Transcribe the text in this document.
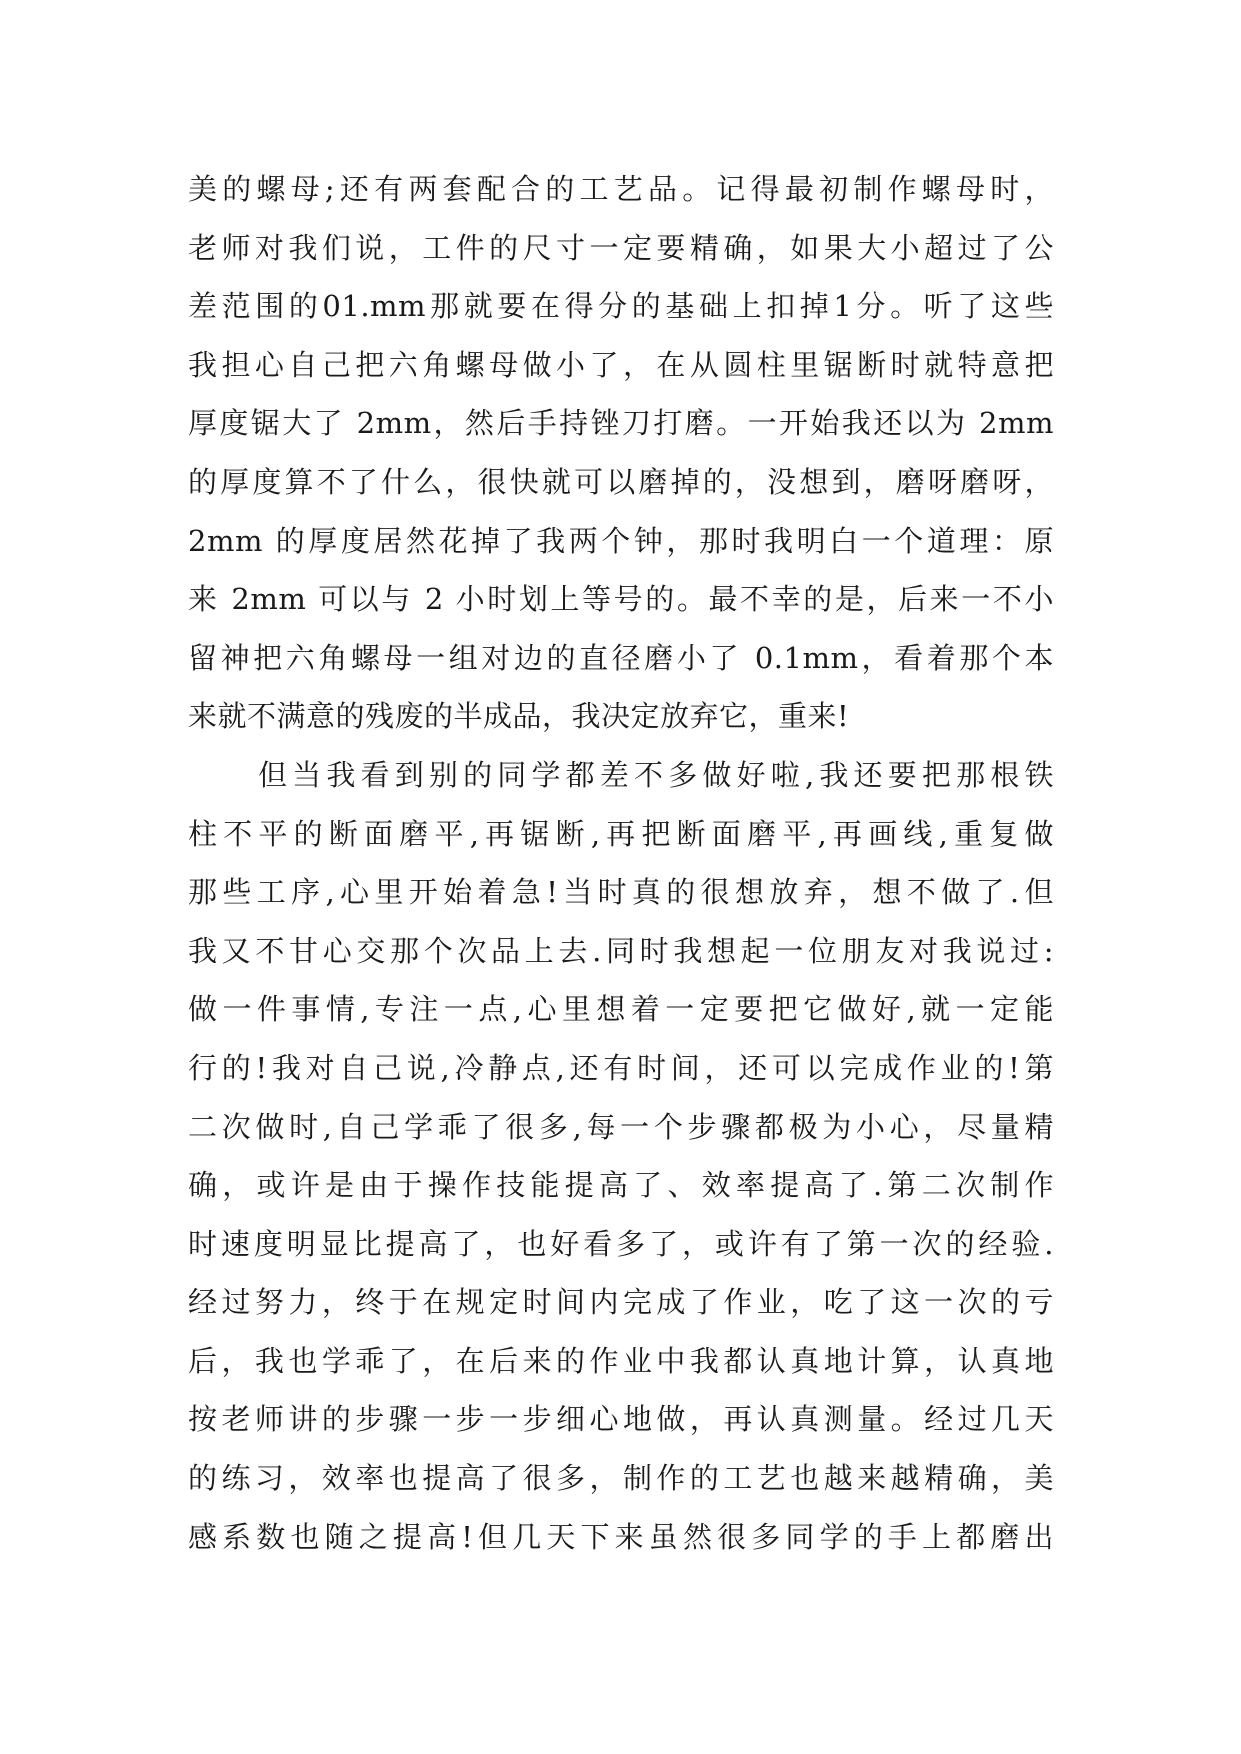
美的螺母;还有两套配合的工艺品。记得最初制作螺母时，
老师对我们说，工件的尺寸一定要精确，如果大小超过了公
差范围的01.mm那就要在得分的基础上扣掉1分。听了这些
我担心自己把六角螺母做小了，在从圆柱里锯断时就特意把
厚度锯大了 2mm，然后手持锉刀打磨。一开始我还以为 2mm
的厚度算不了什么，很快就可以磨掉的，没想到，磨呀磨呀，
2mm 的厚度居然花掉了我两个钟，那时我明白一个道理：原
来 2mm 可以与 2 小时划上等号的。最不幸的是，后来一不小
留神把六角螺母一组对边的直径磨小了 0.1mm，看着那个本
来就不满意的残废的半成品，我决定放弃它，重来!
但当我看到别的同学都差不多做好啦,我还要把那根铁
柱不平的断面磨平,再锯断,再把断面磨平,再画线,重复做
那些工序,心里开始着急!当时真的很想放弃，想不做了.但
我又不甘心交那个次品上去.同时我想起一位朋友对我说过:
做一件事情,专注一点,心里想着一定要把它做好,就一定能
行的!我对自己说,冷静点,还有时间，还可以完成作业的!第
二次做时,自己学乖了很多,每一个步骤都极为小心，尽量精
确，或许是由于操作技能提高了、效率提高了.第二次制作
时速度明显比提高了，也好看多了，或许有了第一次的经验.
经过努力，终于在规定时间内完成了作业，吃了这一次的亏
后，我也学乖了，在后来的作业中我都认真地计算，认真地
按老师讲的步骤一步一步细心地做，再认真测量。经过几天
的练习，效率也提高了很多，制作的工艺也越来越精确，美
感系数也随之提高!但几天下来虽然很多同学的手上都磨出
